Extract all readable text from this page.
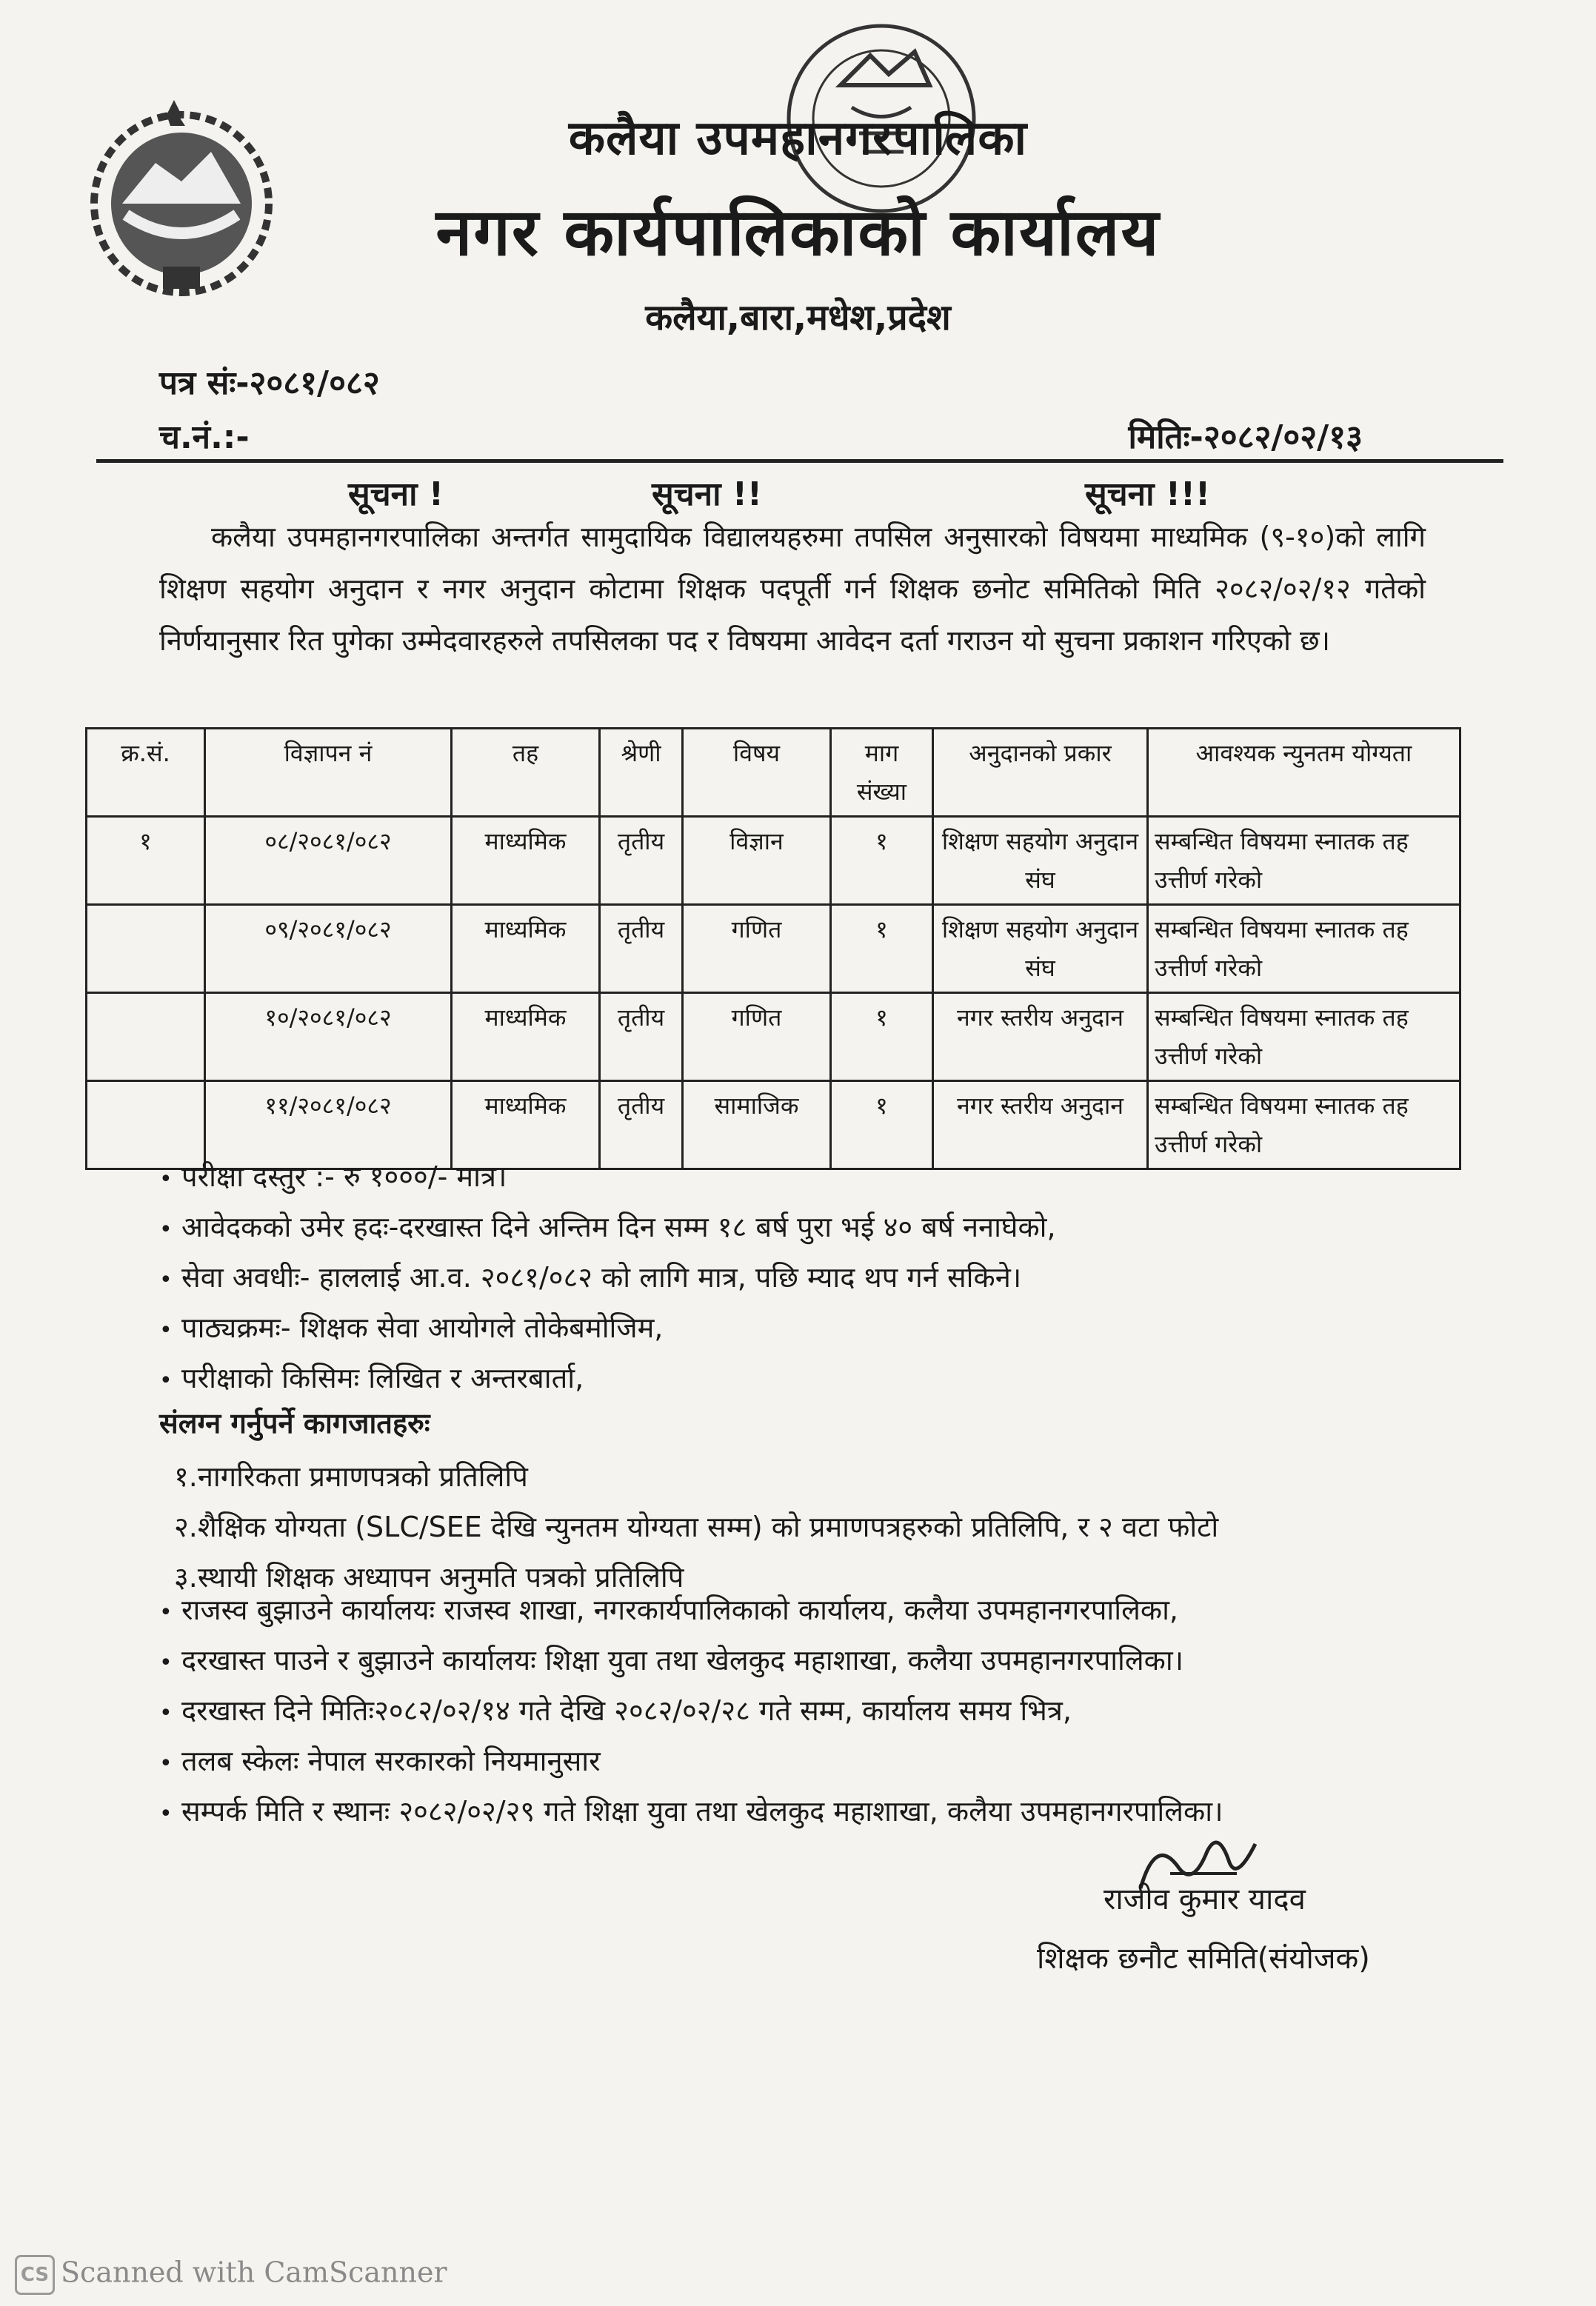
कलैया उपमहानगरपालिका
नगर कार्यपालिकाको कार्यालय
कलैया,बारा,मधेश,प्रदेश
पत्र संः-२०८१/०८२
च.नं.:-	मितिः-२०८२/०२/१३
सूचना !	सूचना !!	सूचना !!!
कलैया उपमहानगरपालिका अन्तर्गत सामुदायिक विद्यालयहरुमा तपसिल अनुसारको विषयमा माध्यमिक (९-१०)को लागि शिक्षण सहयोग अनुदान र नगर अनुदान कोटामा शिक्षक पदपूर्ती गर्न शिक्षक छनोट समितिको मिति २०८२/०२/१२ गतेको निर्णयानुसार रित पुगेका उम्मेदवारहरुले तपसिलका पद र विषयमा आवेदन दर्ता गराउन यो सुचना प्रकाशन गरिएको छ।
क्र.सं.	विज्ञापन नं	तह	श्रेणी	विषय	माग संख्या	अनुदानको प्रकार	आवश्यक न्युनतम योग्यता
१	०८/२०८१/०८२	माध्यमिक	तृतीय	विज्ञान	१	शिक्षण सहयोग अनुदान संघ	सम्बन्धित विषयमा स्नातक तह उत्तीर्ण गरेको
	०९/२०८१/०८२	माध्यमिक	तृतीय	गणित	१	शिक्षण सहयोग अनुदान संघ	सम्बन्धित विषयमा स्नातक तह उत्तीर्ण गरेको
	१०/२०८१/०८२	माध्यमिक	तृतीय	गणित	१	नगर स्तरीय अनुदान	सम्बन्धित विषयमा स्नातक तह उत्तीर्ण गरेको
	११/२०८१/०८२	माध्यमिक	तृतीय	सामाजिक	१	नगर स्तरीय अनुदान	सम्बन्धित विषयमा स्नातक तह उत्तीर्ण गरेको
• परीक्षा दस्तुर :- रु १०००/- मात्र।
• आवेदकको उमेर हदः-दरखास्त दिने अन्तिम दिन सम्म १८ बर्ष पुरा भई ४० बर्ष ननाघेको,
• सेवा अवधीः- हाललाई आ.व. २०८१/०८२ को लागि मात्र, पछि म्याद थप गर्न सकिने।
• पाठ्यक्रमः- शिक्षक सेवा आयोगले तोकेबमोजिम,
• परीक्षाको किसिमः लिखित र अन्तरबार्ता,
संलग्न गर्नुपर्ने कागजातहरुः
१.नागरिकता प्रमाणपत्रको प्रतिलिपि
२.शैक्षिक योग्यता (SLC/SEE देखि न्युनतम योग्यता सम्म) को प्रमाणपत्रहरुको प्रतिलिपि, र २ वटा फोटो
३.स्थायी शिक्षक अध्यापन अनुमति पत्रको प्रतिलिपि
• राजस्व बुझाउने कार्यालयः राजस्व शाखा, नगरकार्यपालिकाको कार्यालय, कलैया उपमहानगरपालिका,
• दरखास्त पाउने र बुझाउने कार्यालयः शिक्षा युवा तथा खेलकुद महाशाखा, कलैया उपमहानगरपालिका।
• दरखास्त दिने मितिः२०८२/०२/१४ गते देखि २०८२/०२/२८ गते सम्म, कार्यालय समय भित्र,
• तलब स्केलः नेपाल सरकारको नियमानुसार
• सम्पर्क मिति र स्थानः २०८२/०२/२९ गते शिक्षा युवा तथा खेलकुद महाशाखा, कलैया उपमहानगरपालिका।
राजीव कुमार यादव
शिक्षक छनौट समिति(संयोजक)
CS Scanned with CamScanner
